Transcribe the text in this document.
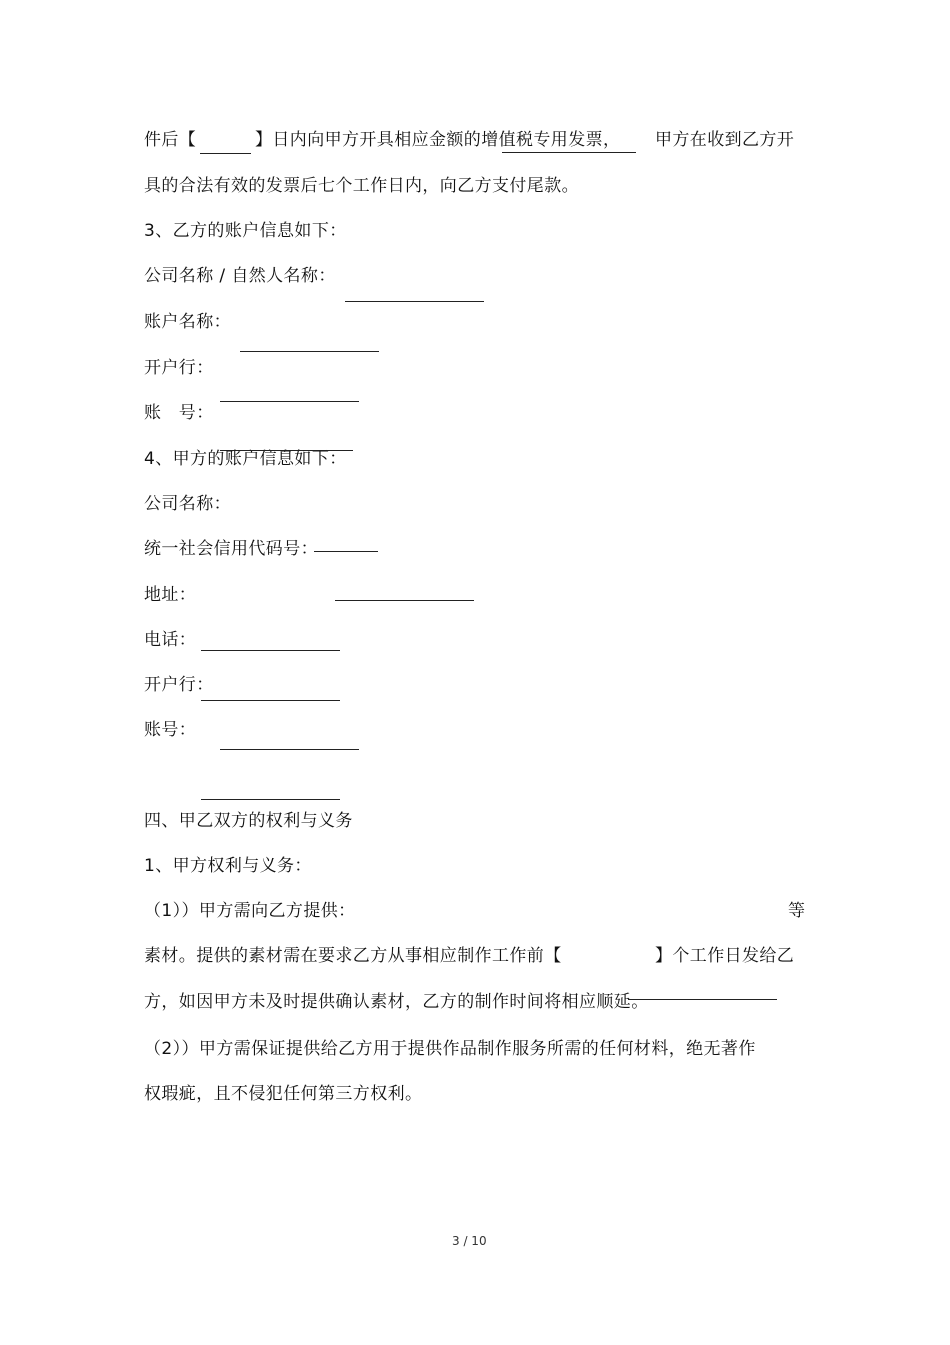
件后【	】日内向甲方开具相应金额的增值税专用发票， 甲方在收到乙方开
具的合法有效的发票后七个工作日内，向乙方支付尾款。
3、乙方的账户信息如下：
公司名称 / 自然人名称：
账户名称：
开户行：
账　号：
4、甲方的账户信息如下：
公司名称：
统一社会信用代码号：
地址：
电话：
开户行：
账号：
四、甲乙双方的权利与义务
1、甲方权利与义务：
（1））甲方需向乙方提供：	等
素材。提供的素材需在要求乙方从事相应制作工作前【	】个工作日发给乙
方，如因甲方未及时提供确认素材，乙方的制作时间将相应顺延。
（2））甲方需保证提供给乙方用于提供作品制作服务所需的任何材料，绝无著作
权瑕疵，且不侵犯任何第三方权利。
3 / 10
